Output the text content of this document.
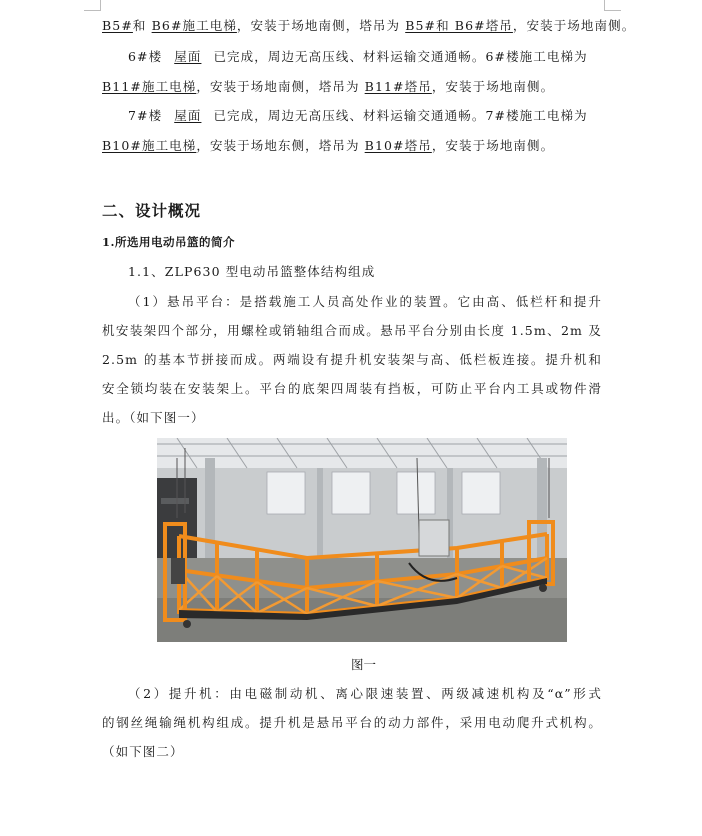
B5#和 B6#施工电梯，安装于场地南侧，塔吊为 B5#和 B6#塔吊，安装于场地南侧。
6#楼 屋面 已完成，周边无高压线、材料运输交通通畅。6#楼施工电梯为
B11#施工电梯，安装于场地南侧，塔吊为 B11#塔吊，安装于场地南侧。
7#楼 屋面 已完成，周边无高压线、材料运输交通通畅。7#楼施工电梯为
B10#施工电梯，安装于场地东侧，塔吊为 B10#塔吊，安装于场地南侧。
二、设计概况
1.所选用电动吊篮的简介
1.1、ZLP630 型电动吊篮整体结构组成
（1）悬吊平台：是搭载施工人员高处作业的装置。它由高、低栏杆和提升
机安装架四个部分，用螺栓或销轴组合而成。悬吊平台分别由长度 1.5m、2m 及
2.5m 的基本节拼接而成。两端设有提升机安装架与高、低栏板连接。提升机和
安全锁均装在安装架上。平台的底架四周装有挡板，可防止平台内工具或物件滑
出。（如下图一）
图一
（2）提升机：由电磁制动机、离心限速装置、两级减速机构及“α”形式
的钢丝绳输绳机构组成。提升机是悬吊平台的动力部件，采用电动爬升式机构。
（如下图二）
